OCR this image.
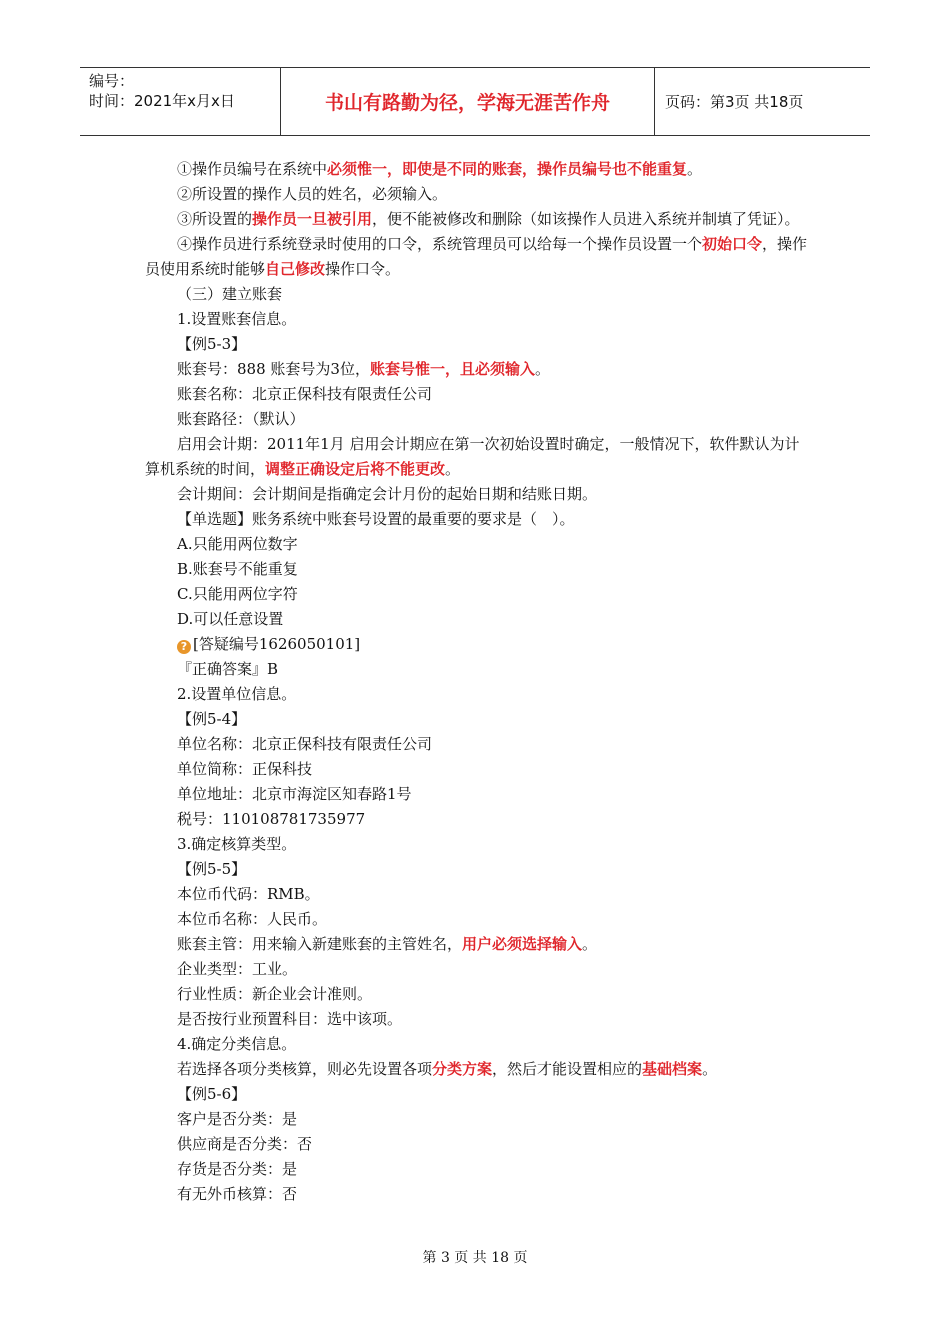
编号：
时间：2021年x月x日	书山有路勤为径，学海无涯苦作舟	页码：第3页 共18页

①操作员编号在系统中必须惟一，即使是不同的账套，操作员编号也不能重复。

②所设置的操作人员的姓名，必须输入。

③所设置的操作员一旦被引用，便不能被修改和删除（如该操作人员进入系统并制填了凭证）。

④操作员进行系统登录时使用的口令，系统管理员可以给每一个操作员设置一个初始口令，操作员使用系统时能够自己修改操作口令。

（三）建立账套

1.设置账套信息。

【例5-3】

账套号：888 账套号为3位，账套号惟一，且必须输入。

账套名称：北京正保科技有限责任公司

账套路径：（默认）

启用会计期：2011年1月 启用会计期应在第一次初始设置时确定，一般情况下，软件默认为计算机系统的时间，调整正确设定后将不能更改。

会计期间：会计期间是指确定会计月份的起始日期和结账日期。

【单选题】账务系统中账套号设置的最重要的要求是（　）。

A.只能用两位数字

B.账套号不能重复

C.只能用两位字符

D.可以任意设置

? [答疑编号1626050101]

『正确答案』B

2.设置单位信息。

【例5-4】

单位名称：北京正保科技有限责任公司

单位简称：正保科技

单位地址：北京市海淀区知春路1号

税号：110108781735977

3.确定核算类型。

【例5-5】

本位币代码：RMB。

本位币名称：人民币。

账套主管：用来输入新建账套的主管姓名，用户必须选择输入。

企业类型：工业。

行业性质：新企业会计准则。

是否按行业预置科目：选中该项。

4.确定分类信息。

若选择各项分类核算，则必先设置各项分类方案，然后才能设置相应的基础档案。

【例5-6】

客户是否分类：是

供应商是否分类：否

存货是否分类：是

有无外币核算：否

第 3 页 共 18 页
